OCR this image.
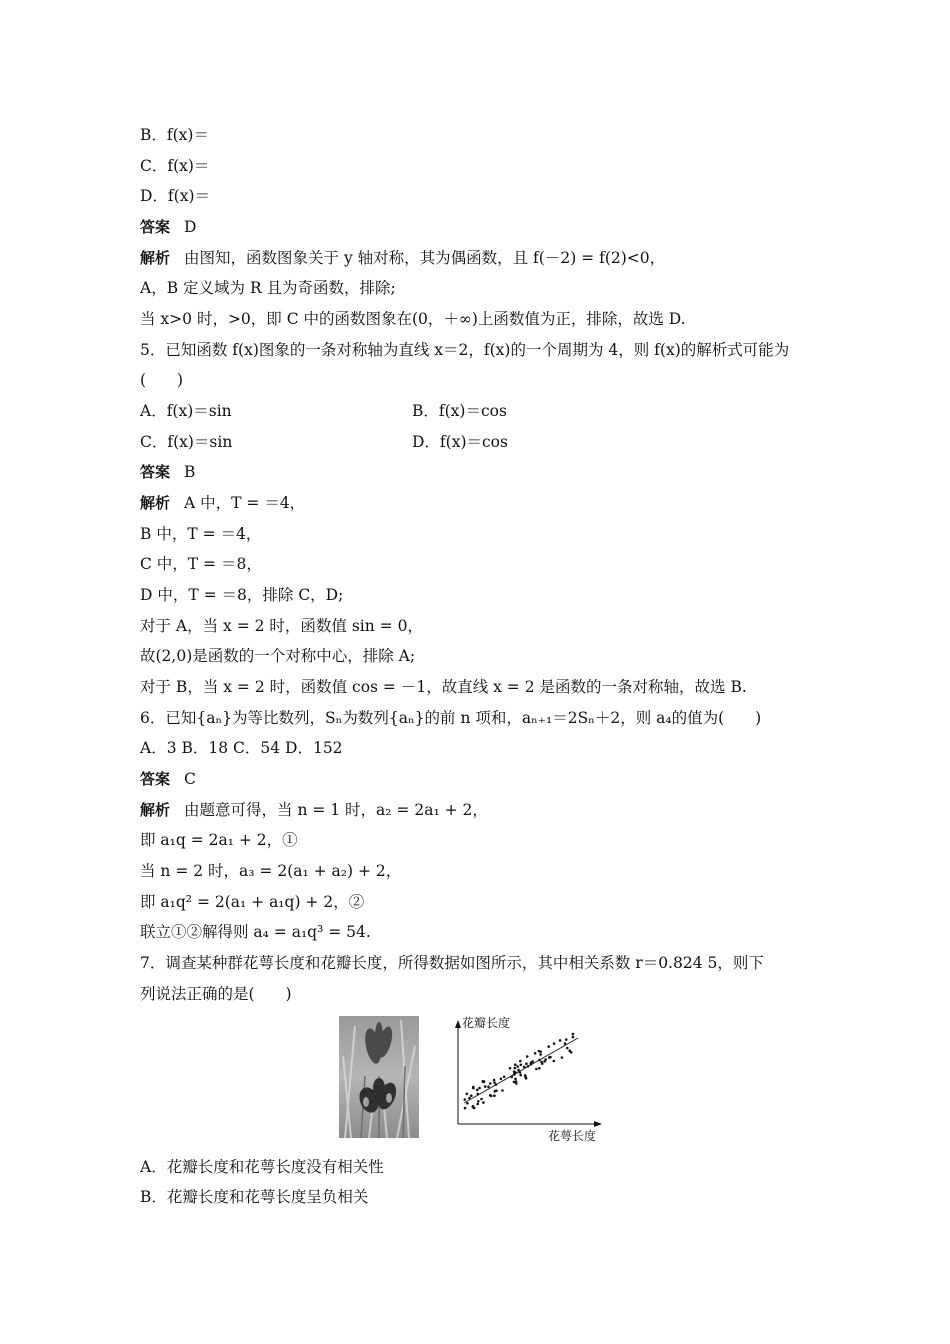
B．f(x)＝
C．f(x)＝
D．f(x)＝
答案 D
解析 由图知，函数图象关于 y 轴对称，其为偶函数，且 f(－2) = f(2)<0，
A，B 定义域为 R 且为奇函数，排除;
当 x>0 时，>0，即 C 中的函数图象在(0，＋∞)上函数值为正，排除，故选 D.
5．已知函数 f(x)图象的一条对称轴为直线 x＝2，f(x)的一个周期为 4，则 f(x)的解析式可能为
(　　)
A．f(x)＝sin	B．f(x)＝cos
C．f(x)＝sin	D．f(x)＝cos
答案 B
解析 A 中，T = ＝4，
B 中，T = ＝4，
C 中，T = ＝8，
D 中，T = ＝8，排除 C，D;
对于 A，当 x = 2 时，函数值 sin = 0，
故(2,0)是函数的一个对称中心，排除 A;
对于 B，当 x = 2 时，函数值 cos = －1，故直线 x = 2 是函数的一条对称轴，故选 B.
6．已知{aₙ}为等比数列，Sₙ为数列{aₙ}的前 n 项和，aₙ₊₁＝2Sₙ＋2，则 a₄的值为(　　)
A．3 B．18 C．54 D．152
答案 C
解析 由题意可得，当 n = 1 时，a₂ = 2a₁ + 2，
即 a₁q = 2a₁ + 2，①
当 n = 2 时，a₃ = 2(a₁ + a₂) + 2，
即 a₁q² = 2(a₁ + a₁q) + 2，②
联立①②解得则 a₄ = a₁q³ = 54.
7．调查某种群花萼长度和花瓣长度，所得数据如图所示，其中相关系数 r＝0.824 5，则下
列说法正确的是(　　)
花瓣长度
花萼长度
A．花瓣长度和花萼长度没有相关性
B．花瓣长度和花萼长度呈负相关
